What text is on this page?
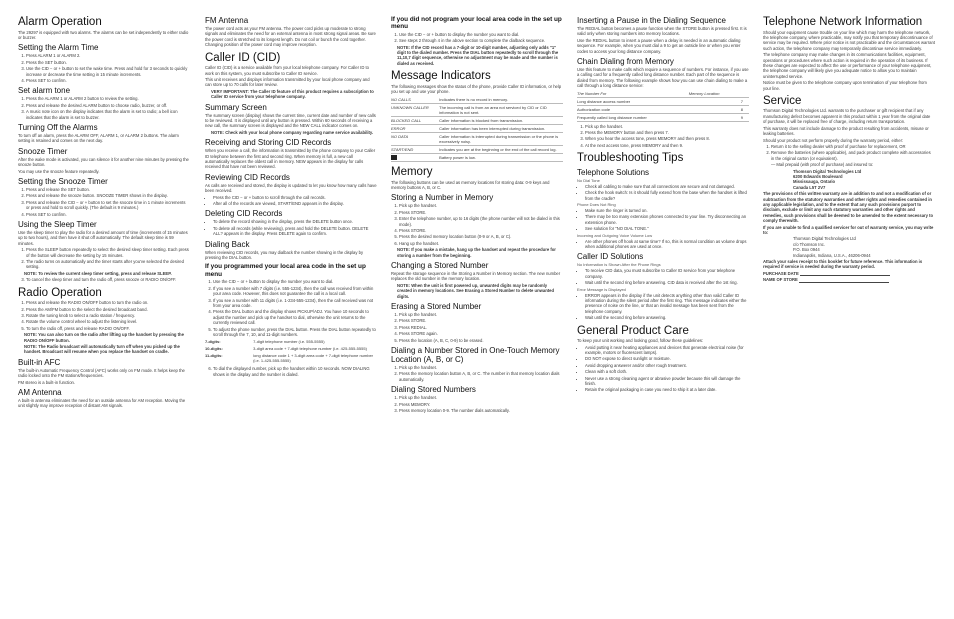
Alarm Operation

The 29297 is equipped with two alarms. The alarms can be set independently to either radio or buzzer.

Setting the Alarm Time
1. Press ALARM 1 or ALARM 2.
2. Press the SET button.
3. Use the CID − or + button to set the wake time. Press and hold for 3 seconds to quickly increase or decrease the time setting in 15 minute increments.
4. Press SET to confirm.
Set alarm tone
1. Press the ALARM 1 or ALARM 2 button to review the setting.
2. Press and release the desired ALARM button to choose radio, buzzer, or off.
3. A music note icon on the display indicates that the alarm is set to radio; a bell icon indicates that the alarm is set to buzzer.
Turning Off the Alarms

To turn off an alarm, press the ALARM OFF, ALARM 1, or ALARM 2 buttons. The alarm setting is retained and comes on the next day.

Snooze Timer

After the wake mode is activated, you can silence it for another nine minutes by pressing the snooze button.

You may use the snooze feature repeatedly.

Setting the Snooze Timer
1. Press and release the SET button.
2. Press and release the snooze button. SNOOZE TIMER shows in the display.
3. Press and release the CID − or + button to set the snooze time in 1 minute increments or press and hold to scroll quickly. (The default is 9 minutes.)
4. Press SET to confirm.
Using the Sleep Timer

Use the sleep timer to play the radio for a desired amount of time (increments of 15 minutes up to two hours), and then have it shut off automatically. The default sleep time is 59 minutes.

1. Press the SLEEP button repeatedly to select the desired sleep timer setting. Each press of the button will decrease the setting by 15 minutes.
2. The radio turns on automatically and the timer starts after you've selected the desired setting.

NOTE: To review the current sleep timer setting, press and release SLEEP.

3. To cancel the sleep timer and turn the radio off, press snooze or RADIO ON/OFF.
Radio Operation
1. Press and release the RADIO ON/OFF button to turn the radio on.
2. Press the AM/FM button to the select the desired broadcast band.
3. Rotate the tuning knob to select a radio station / frequency.
4. Rotate the volume control wheel to adjust the listening level.
5. To turn the radio off, press and release RADIO ON/OFF.

NOTE: You can also turn on the radio after lifting up the handset by pressing the RADIO ON/OFF button.

NOTE: The Radio broadcast will automatically turn off when you picked up the handset. Broadcast will resume when you replace the handset on cradle.

Built-in AFC

The built-in Automatic Frequency Control (AFC) works only on FM mode. It helps keep the radio locked onto the FM stations/frequencies.

FM stereo is a built-in function.

AM Antenna

A built-in antenna eliminates the need for an outside antenna for AM reception. Moving the unit slightly may improve reception of distant AM signals.

FM Antenna

The power cord acts as your FM antenna. The power cord picks up moderate to strong signals and eliminates the need for an external antenna in most strong signal areas. Be sure the power cord is stretched to its longest length. Do not coil or bunch the cord together. Changing position of the power cord may improve reception.

Caller ID (CID)

Caller ID (CID) is a service available from your local telephone company. For Caller ID to work on this system, you must subscribe to Caller ID service.

This unit receives and displays information transmitted by your local phone company and can store up to 70 calls for later review.

VERY IMPORTANT: The Caller ID feature of this product requires a subscription to Caller ID service from your telephone company.

Summary Screen

The summary screen (display) shows the current time, current date and number of new calls to be reviewed. It is displayed until any button is pressed. Within 60 seconds of receiving a new call, the summary screen is displayed and the NEW CALL indicator comes on.

NOTE: Check with your local phone company regarding name service availability.

Receiving and Storing CID Records

When you receive a call, the information is transmitted by the phone company to your Caller ID telephone between the first and second ring. When memory is full, a new call automatically replaces the oldest call in memory. NEW appears in the display for calls received that have not been reviewed.

Reviewing CID Records

As calls are received and stored, the display is updated to let you know how many calls have been received.

• Press the CID − or + button to scroll through the call records.
• After all of the records are viewed, START/END appears in the display.
Deleting CID Records
• To delete the record showing in the display, press the DELETE button once.
• To delete all records (while reviewing), press and hold the DELETE button. DELETE ALL? appears in the display. Press DELETE again to confirm.
Dialing Back

When reviewing CID records, you may dialback the number showing in the display by pressing the DIAL button.

If you programmed your local area code in the set up menu
1. Use the CID − or + button to display the number you want to dial.
2. If you see a number with 7 digits (i.e. 555-1234), then the call was received from within your area code. However, this does not guarantee the call is a local call.
3. If you see a number with 11 digits (i.e. 1-234-555-1234), then the call received was not from your area code.
4. Press the DIAL button and the display shows PICKUP/ADJ. You have 10 seconds to adjust the number and pick up the handset to dial, otherwise the unit returns to the currently reviewed call.
5. To adjust the phone number, press the DIAL button. Press the DIAL button repeatedly to scroll through the 7, 10, and 11-digit numbers.
7-digits:	7-digit telephone number (i.e. 555-5555)
10-digits:	3-digit area code + 7-digit telephone number (i.e. 425-555-5555)
11-digits:	long distance code 1 + 3-digit area code + 7-digit telephone number (i.e. 1-425-555-5555)
6. To dial the displayed number, pick up the handset within 10 seconds. NOW DIALING shows in the display and the number is dialed.
If you did not program your local area code in the set up menu
1. Use the CID − or + button to display the number you want to dial.
2. See steps 2 through 4 in the above section to complete the dialback sequence.

NOTE: If the CID record has a 7-digit or 10-digit number, adjusting only adds "1" digit to the dialed number. Press the DIAL button repeatedly to scroll through the 11,10,7 digit sequence, otherwise no adjustment may be made and the number is dialed as received.

Message Indicators

The following messages show the status of the phone, provide Caller ID information, or help you set up and use your phone.

NO CALLS	Indicates there is no record in memory.
UNKNOWN CALLER	The incoming call is from an area not serviced by CID or CID information is not sent.
BLOCKED CALL	Caller information is blocked from transmission.
ERROR	Caller information has been interrupted during transmission.
NO DATA	Caller information is interrupted during transmission or the phone is excessively noisy.
START/END	Indicates you are at the beginning or the end of the call record log.
	Battery power is low.
Memory

The following buttons can be used as memory locations for storing data: 0-9 keys and memory buttons A, B, or C.

Storing a Number in Memory
1. Pick up the handset.
2. Press STORE.
3. Enter the telephone number, up to 16 digits (the phone number will not be dialed in this mode).
4. Press STORE.
5. Press the desired memory location button (0-9 or A, B, or C).
6. Hang up the handset.

NOTE: If you make a mistake, hang up the handset and repeat the procedure for storing a number from the beginning.

Changing a Stored Number

Repeat the storage sequence in the Storing a Number in Memory section. The new number replaces the old number in the memory location.

NOTE: When the unit is first powered up, unwanted digits may be randomly created in memory locations. See Erasing a Stored Number to delete unwanted digits.

Erasing a Stored Number
1. Pick up the handset.
2. Press STORE.
3. Press REDIAL.
4. Press STORE again.
5. Press the location (A, B, C, 0-9) to be erased.
Dialing a Number Stored in One-Touch Memory Location (A, B, or C)
1. Pick up the handset.
2. Press the memory location button A, B, or C. The number in that memory location dials automatically.
Dialing Stored Numbers
1. Pick up the handset.
2. Press MEMORY.
3. Press memory location 0-9. The number dials automatically.
Inserting a Pause in the Dialing Sequence

The REDIAL button becomes a pause function when the STORE button is pressed first. It is valid only when storing numbers into memory locations.

Use the REDIAL button to insert a pause when a delay is needed in an automatic dialing sequence. For example, when you must dial a 9 to get an outside line or when you enter codes to access your long distance company.

Chain Dialing from Memory

Use this feature to make calls which require a sequence of numbers. For instance, if you use a calling card for a frequently called long distance number. Each part of the sequence is dialed from memory. The following example shows how you can use chain dialing to make a call through a long distance service:

The Number For	Memory Location
Long distance access number	7
Authorization code	8
Frequently called long distance number	9
1. Pick up the handset.
2. Press the MEMORY button and then press 7.
3. When you hear the access tone, press MEMORY and then press 8.
4. At the next access tone, press MEMORY and then 9.
Troubleshooting Tips
Telephone Solutions

No Dial Tone

• Check all cabling to make sure that all connections are secure and not damaged.
• Check the hook switch: Is it should fully extend from the base when the handset is lifted from the cradle?

Phone Does Not Ring

• Make sure the ringer is turned on.
• There may be too many extension phones connected to your line. Try disconnecting an extension phone.
• See solution for "NO DIAL TONE."

Incoming and Outgoing Voice Volume Low

• Are other phones off hook at same time? If so, this is normal condition as volume drops when additional phones are used at once.
Caller ID Solutions

No Information is Shown After the Phone Rings

• To receive CID data, you must subscribe to Caller ID service from your telephone company.
• Wait until the second ring before answering. CID data is received after the 1st ring.

Error Message is Displayed

• ERROR appears in the display if the unit detects anything other than valid Caller ID information during the silent period after the first ring. This message indicates either the presence of noise on the line, or that an invalid message has been sent from the telephone company.
• Wait until the second ring before answering.
General Product Care

To keep your unit working and looking good, follow these guidelines:

• Avoid putting it near heating appliances and devices that generate electrical noise (for example, motors or fluorescent lamps).
• DO NOT expose to direct sunlight or moisture.
• Avoid dropping answerer and/or other rough treatment.
• Clean with a soft cloth.
• Never use a strong cleaning agent or abrasive powder because this will damage the finish.
• Retain the original packaging in case you need to ship it at a later date.
Telephone Network Information

Should your equipment cause trouble on your line which may harm the telephone network, the telephone company, where practicable, may notify you that temporary discontinuance of service may be required. Where prior notice is not practicable and the circumstances warrant such action, the telephone company may temporarily discontinue service immediately.

The telephone company may make changes in its communications facilities, equipment, operations or procedures where such action is required in the operation of its business. If these changes are expected to affect the use or performance of your telephone equipment, the telephone company will likely give you adequate notice to allow you to maintain uninterrupted service.

Notice must be given to the telephone company upon termination of your telephone from your line.

Service

Thomson Digital Technologies Ltd. warrants to the purchaser or gift recipient that if any manufacturing defect becomes apparent in this product within 1 year from the original date of purchase, it will be replaced free of charge, including return transportation.

This warranty does not include damage to the product resulting from accidents, misuse or leaking batteries.

Should your product not perform properly during the warranty period, either:

1. Return it to the selling dealer with proof of purchase for replacement, OR
2. Remove the batteries (where applicable), and pack product complete with accessories in the original carton (or equivalent).

— Mail prepaid (with proof of purchase) and insured to:

Thomson Digital Technologies Ltd
6200 Edwards Boulevard
Mississauga, Ontario
Canada L5T 2V7

The provisions of this written warranty are in addition to and not a modification of or subtraction from the statutory warranties and other rights and remedies contained in any applicable legislation, and to the extent that any such provisions purport to disclaim, exclude or limit any such statutory warranties and other rights and remedies, such provisions shall be deemed to be amended to the extent necessary to comply therewith.

If you are unable to find a qualified servicer for out of warranty service, you may write to:

Thomson Digital Technologies Ltd
c/o Thomson Inc.
P.O. Box 0944
Indianapolis, Indiana, U.S.A., 46206-0944

Attach your sales receipt to this booklet for future reference. This information is required if service is needed during the warranty period.

PURCHASE DATE

NAME OF STORE
